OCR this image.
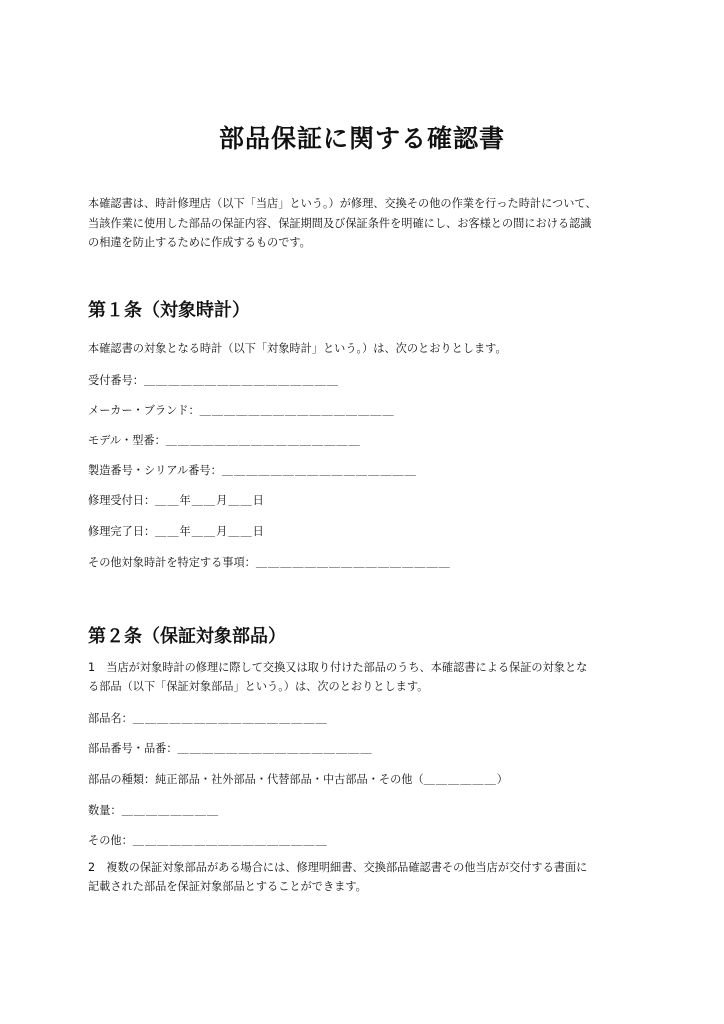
部品保証に関する確認書
本確認書は、時計修理店（以下「当店」という。）が修理、交換その他の作業を行った時計について、
当該作業に使用した部品の保証内容、保証期間及び保証条件を明確にし、お客様との間における認識
の相違を防止するために作成するものです。
第１条（対象時計）
本確認書の対象となる時計（以下「対象時計」という。）は、次のとおりとします。
受付番号：＿＿＿＿＿＿＿＿＿＿＿＿＿＿＿＿
メーカー・ブランド：＿＿＿＿＿＿＿＿＿＿＿＿＿＿＿＿
モデル・型番：＿＿＿＿＿＿＿＿＿＿＿＿＿＿＿＿
製造番号・シリアル番号：＿＿＿＿＿＿＿＿＿＿＿＿＿＿＿＿
修理受付日：＿＿年＿＿月＿＿日
修理完了日：＿＿年＿＿月＿＿日
その他対象時計を特定する事項：＿＿＿＿＿＿＿＿＿＿＿＿＿＿＿＿
第２条（保証対象部品）
1　当店が対象時計の修理に際して交換又は取り付けた部品のうち、本確認書による保証の対象とな
る部品（以下「保証対象部品」という。）は、次のとおりとします。
部品名：＿＿＿＿＿＿＿＿＿＿＿＿＿＿＿＿
部品番号・品番：＿＿＿＿＿＿＿＿＿＿＿＿＿＿＿＿
部品の種類：純正部品・社外部品・代替部品・中古部品・その他（＿＿＿＿＿＿）
数量：＿＿＿＿＿＿＿＿
その他：＿＿＿＿＿＿＿＿＿＿＿＿＿＿＿＿
2　複数の保証対象部品がある場合には、修理明細書、交換部品確認書その他当店が交付する書面に
記載された部品を保証対象部品とすることができます。
